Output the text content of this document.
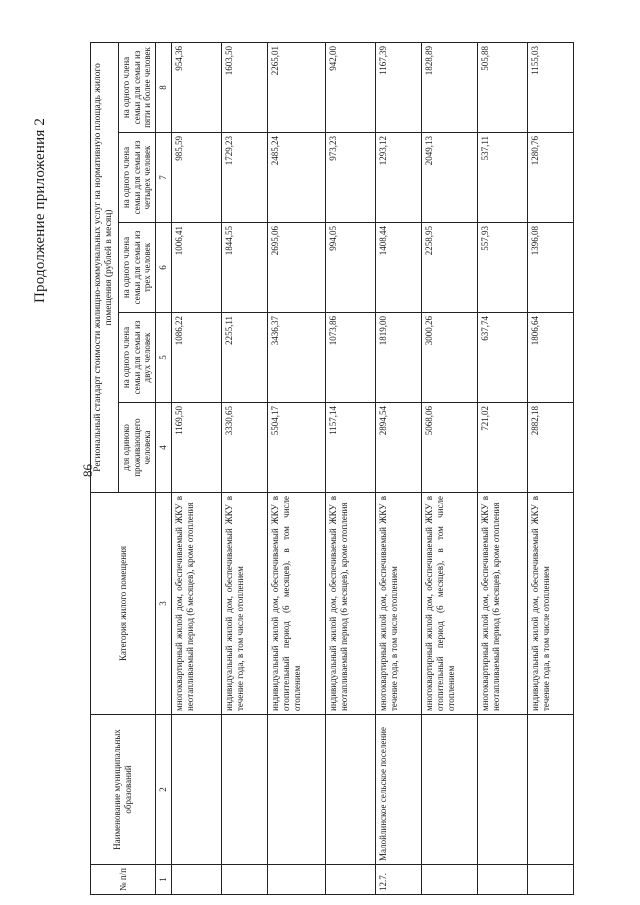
Продолжение приложения 2
86
№ п/п	Наименование муниципальных образований	Категория жилого помещения	Региональный стандарт стоимости жилищно-коммунальных услуг на нормативную площадь жилого помещения (рублей в месяц)				
			для одиноко проживающего человека	на одного члена семьи для семьи из двух человек	на одного члена семьи для семьи из трех человек	на одного члена семьи для семьи из четырех человек	на одного члена семьи для семьи из пяти и более человек
1	2	3	4	5	6	7	8
		многоквартирный жилой дом, обеспечиваемый ЖКУ в неотапливаемый период (6 месяцев), кроме отопления	1169,50	1086,22	1006,41	985,59	954,36
		индивидуальный жилой дом, обеспечиваемый ЖКУ в течение года, в том числе отоплением	3330,65	2255,11	1844,55	1729,23	1603,50
		индивидуальный жилой дом, обеспечиваемый ЖКУ в отопительный период (6 месяцев), в том числе отоплением	5504,17	3436,37	2695,06	2485,24	2265,01
		индивидуальный жилой дом, обеспечиваемый ЖКУ в неотапливаемый период (6 месяцев), кроме отопления	1157,14	1073,86	994,05	973,23	942,00
12.7.	Малойлинское сельское поселение	многоквартирный жилой дом, обеспечиваемый ЖКУ в течение года, в том числе отоплением	2894,54	1819,00	1408,44	1293,12	1167,39
		многоквартирный жилой дом, обеспечиваемый ЖКУ в отопительный период (6 месяцев), в том числе отоплением	5068,06	3000,26	2258,95	2049,13	1828,89
		многоквартирный жилой дом, обеспечиваемый ЖКУ в неотапливаемый период (6 месяцев), кроме отопления	721,02	637,74	557,93	537,11	505,88
		индивидуальный жилой дом, обеспечиваемый ЖКУ в течение года, в том числе отоплением	2882,18	1806,64	1396,08	1280,76	1155,03
